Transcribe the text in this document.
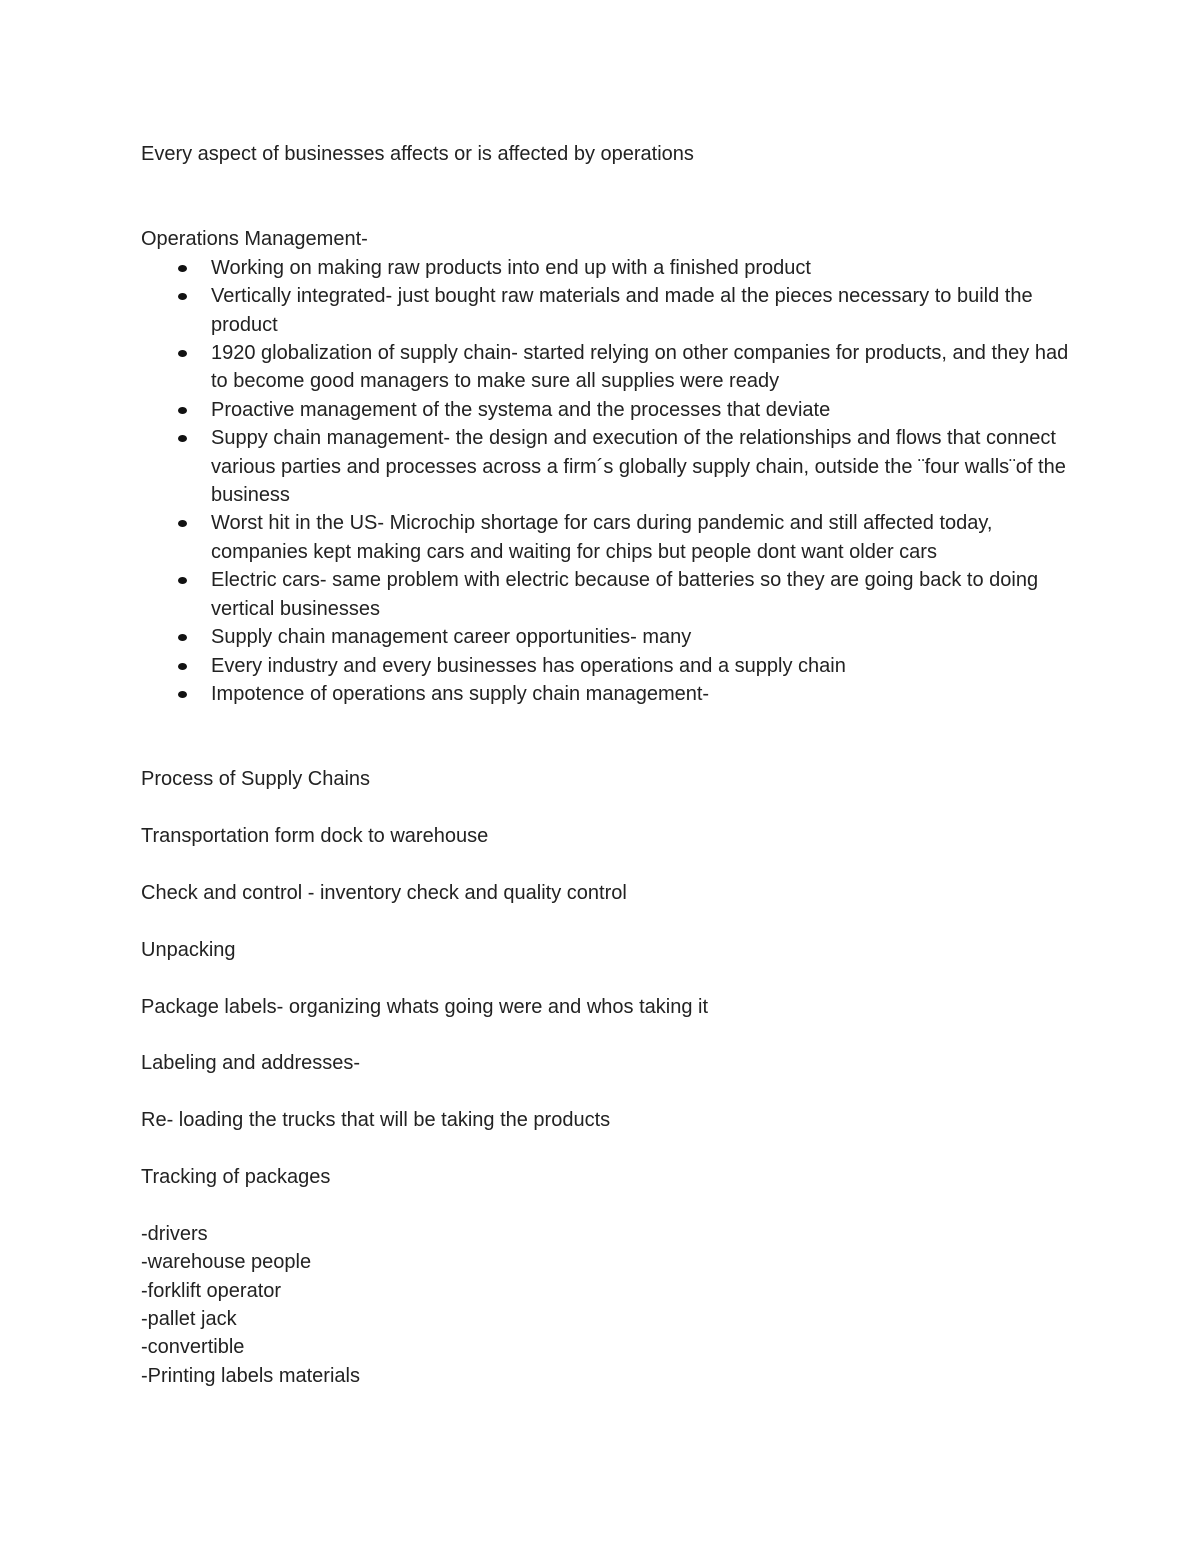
Every aspect of businesses affects or is affected by operations

Operations Management-

Working on making raw products into end up with a finished product
Vertically integrated- just bought raw materials and made al the pieces necessary to build the product
1920 globalization of supply chain- started relying on other companies for products, and they had to become good managers to make sure all supplies were ready
Proactive management of the systema and the processes that deviate
Suppy chain management- the design and execution of the relationships and flows that connect various parties and processes across a firm´s globally supply chain, outside the ¨four walls¨of the business
Worst hit in the US- Microchip shortage for cars during pandemic and still affected today, companies kept making cars and waiting for chips but people dont want older cars
Electric cars- same problem with electric because of batteries so they are going back to doing vertical businesses
Supply chain management career opportunities- many
Every industry and every businesses has operations and a supply chain
Impotence of operations ans supply chain management-

Process of Supply Chains

Transportation form dock to warehouse

Check and control - inventory check and quality control

Unpacking

Package labels- organizing whats going were and whos taking it

Labeling and addresses-

Re- loading the trucks that will be taking the products

Tracking of packages

-drivers

-warehouse people

-forklift operator

-pallet jack

-convertible

-Printing labels materials
